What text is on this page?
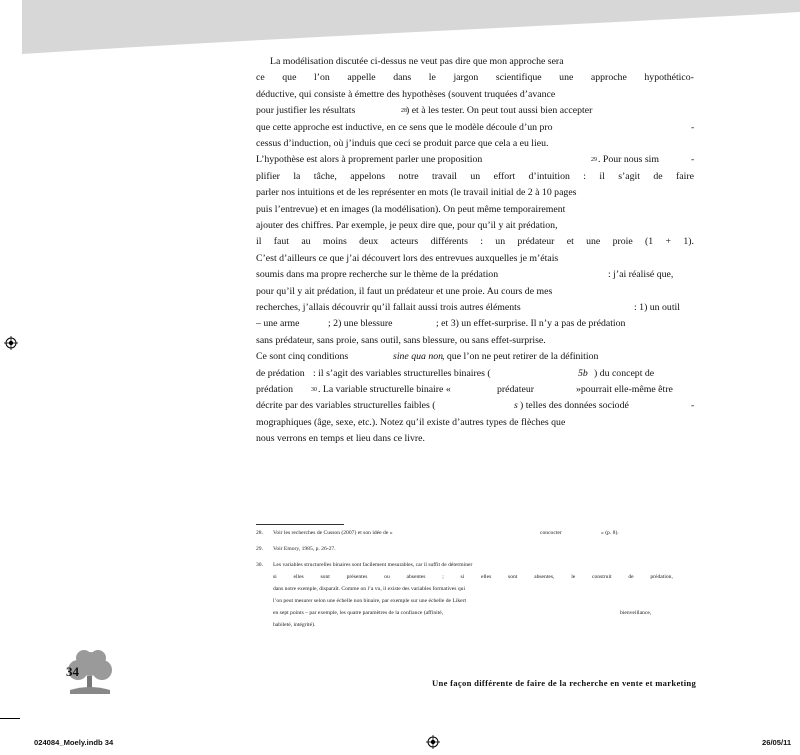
La modélisation discutée ci-dessus ne veut pas dire que mon approche sera
ce que l’on appelle dans le jargon scientifique une approche hypothético-
déductive, qui consiste à émettre des hypothèses (souvent truquées d’avance
pour justifier les résultats	28 ) et à les tester. On peut tout aussi bien accepter
que cette approche est inductive, en ce sens que le modèle découle d’un pro	-
cessus d’induction, où j’induis que ceci se produit parce que cela a eu lieu.
L’hypothèse est alors à proprement parler une proposition	29 . Pour nous sim	-
plifier la tâche, appelons notre travail un effort d’intuition : il s’agit de faire
parler nos intuitions et de les représenter en mots (le travail initial de 2 à 10 pages
puis l’entrevue) et en images (la modélisation). On peut même temporairement
ajouter des chiffres. Par exemple, je peux dire que, pour qu’il y ait prédation,
il faut au moins deux acteurs différents : un prédateur et une proie (1 + 1).
C’est d’ailleurs ce que j’ai découvert lors des entrevues auxquelles je m’étais
soumis dans ma propre recherche sur le thème de la prédation	: j’ai réalisé que,
pour qu’il y ait prédation, il faut un prédateur et une proie. Au cours de mes
recherches, j’allais découvrir qu’il fallait aussi trois autres éléments	: 1) un outil
– une arme	; 2) une blessure	; et 3) un effet-surprise. Il n’y a pas de prédation
sans prédateur, sans proie, sans outil, sans blessure, ou sans effet-surprise.
Ce sont cinq conditions	sine qua non
, que l’on ne peut retirer de la définition
de prédation : il s’agit des variables structurelles binaires (	5b ) du concept de
prédation	30 . La variable structurelle binaire «	prédateur	»pourrait elle-même être
décrite par des variables structurelles faibles (	s ) telles des données sociodé	-
mographiques (âge, sexe, etc.). Notez qu’il existe d’autres types de flèches que
nous verrons en temps et lieu dans ce livre.
28. Voir les recherches de Cusson (2007) et son idée de «	concocter	» (p. 8).
29. Voir Emory, 1985, p. 26-27.
30. Les variables structurelles binaires sont facilement mesurables, car il suffit de déterminer
si	elles	sont	présentes	ou	absentes	;	si	elles	sont	absentes,	le	construit	de	prédation,
dans notre exemple, disparaît. Comme on l’a vu, il existe des variables formatives qui
l’on peut mesurer selon une échelle non binaire, par exemple sur une échelle de Likert
en sept points – par exemple, les quatre paramètres de la confiance (affinité,	bienveillance,
habileté, intégrité).
34
Une façon différente de faire de la recherche en vente et marketing
024084_Moely.indb 34	26/05/11
